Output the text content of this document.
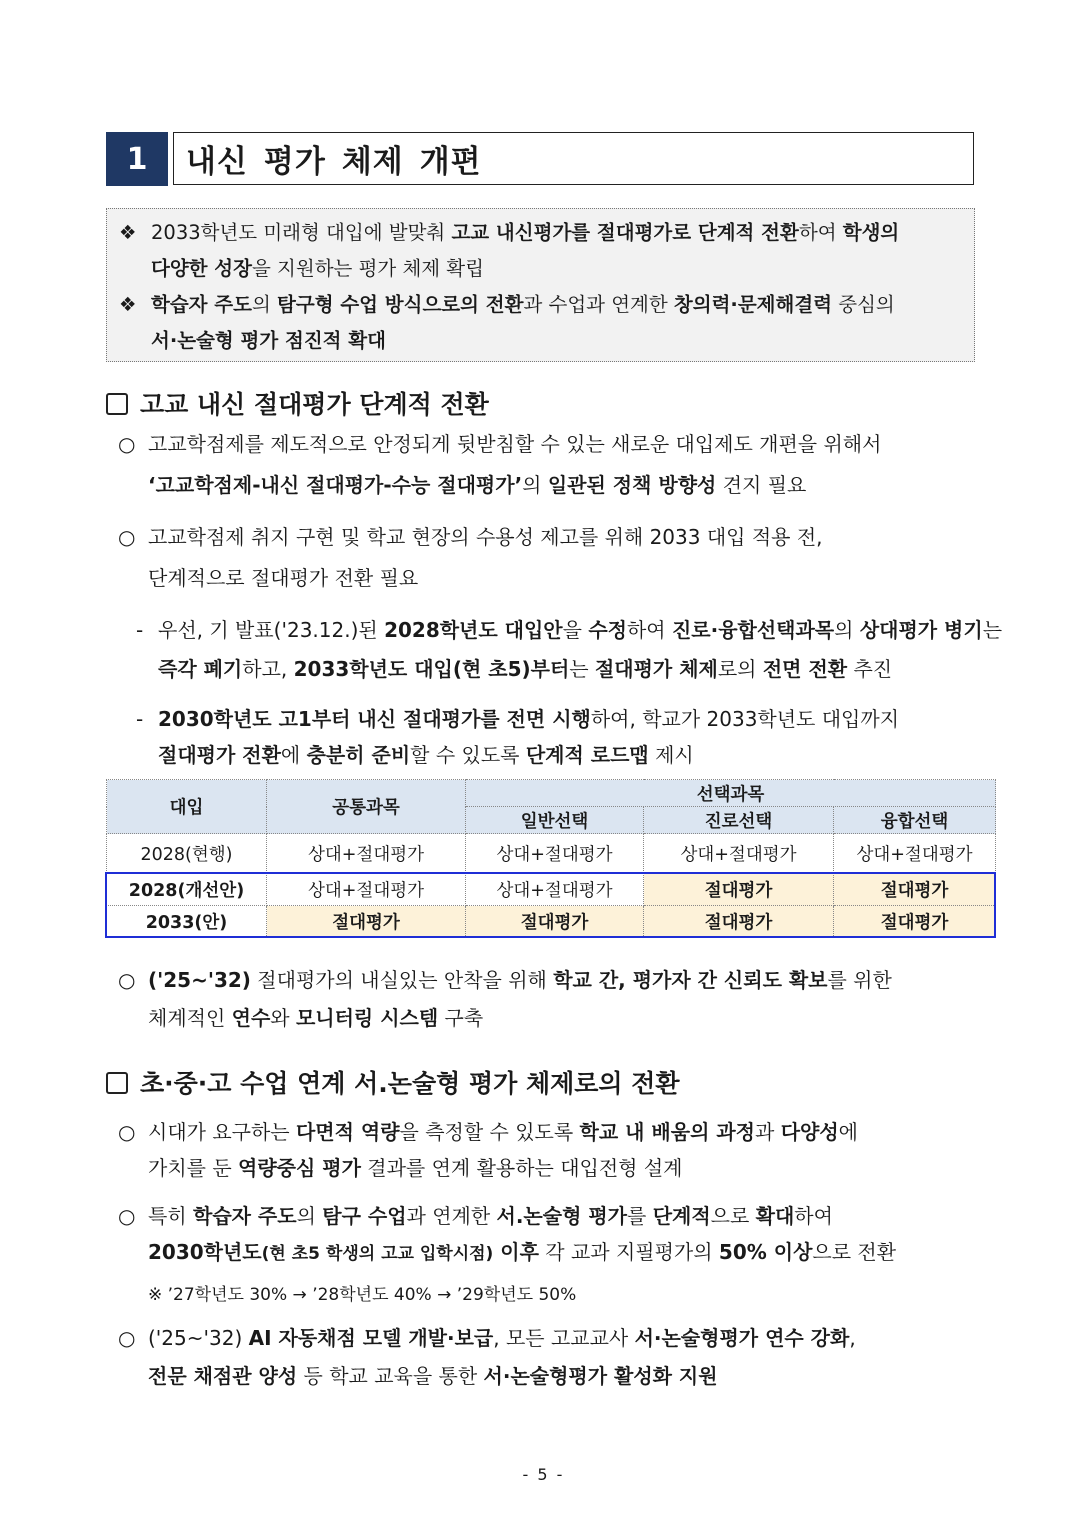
1	내신 평가 체제 개편
❖ 2033학년도 미래형 대입에 발맞춰 고교 내신평가를 절대평가로 단계적 전환하여 학생의
다양한 성장을 지원하는 평가 체제 확립
❖ 학습자 주도의 탐구형 수업 방식으로의 전환과 수업과 연계한 창의력·문제해결력 중심의
서·논술형 평가 점진적 확대
고교 내신 절대평가 단계적 전환
○ 고교학점제를 제도적으로 안정되게 뒷받침할 수 있는 새로운 대입제도 개편을 위해서
‘고교학점제-내신 절대평가-수능 절대평가’의 일관된 정책 방향성 견지 필요
○ 고교학점제 취지 구현 및 학교 현장의 수용성 제고를 위해 2033 대입 적용 전,
단계적으로 절대평가 전환 필요
- 우선, 기 발표('23.12.)된 2028학년도 대입안을 수정하여 진로·융합선택과목의 상대평가 병기는
즉각 폐기하고, 2033학년도 대입(현 초5)부터는 절대평가 체제로의 전면 전환 추진
- 2030학년도 고1부터 내신 절대평가를 전면 시행하여, 학교가 2033학년도 대입까지
절대평가 전환에 충분히 준비할 수 있도록 단계적 로드맵 제시
대입	공통과목	선택과목		
		일반선택	진로선택	융합선택
2028(현행)	상대+절대평가	상대+절대평가	상대+절대평가	상대+절대평가
2028(개선안)	상대+절대평가	상대+절대평가	절대평가	절대평가
2033(안)	절대평가	절대평가	절대평가	절대평가
○ ('25~'32) 절대평가의 내실있는 안착을 위해 학교 간, 평가자 간 신뢰도 확보를 위한
체계적인 연수와 모니터링 시스템 구축
초·중·고 수업 연계 서.논술형 평가 체제로의 전환
○ 시대가 요구하는 다면적 역량을 측정할 수 있도록 학교 내 배움의 과정과 다양성에
가치를 둔 역량중심 평가 결과를 연계 활용하는 대입전형 설계
○ 특히 학습자 주도의 탐구 수업과 연계한 서.논술형 평가를 단계적으로 확대하여
2030학년도(현 초5 학생의 고교 입학시점) 이후 각 교과 지필평가의 50% 이상으로 전환
※ ’27학년도 30% → ’28학년도 40% → ’29학년도 50%
○ ('25~'32) AI 자동채점 모델 개발·보급, 모든 고교교사 서·논술형평가 연수 강화,
전문 채점관 양성 등 학교 교육을 통한 서·논술형평가 활성화 지원
- 5 -
